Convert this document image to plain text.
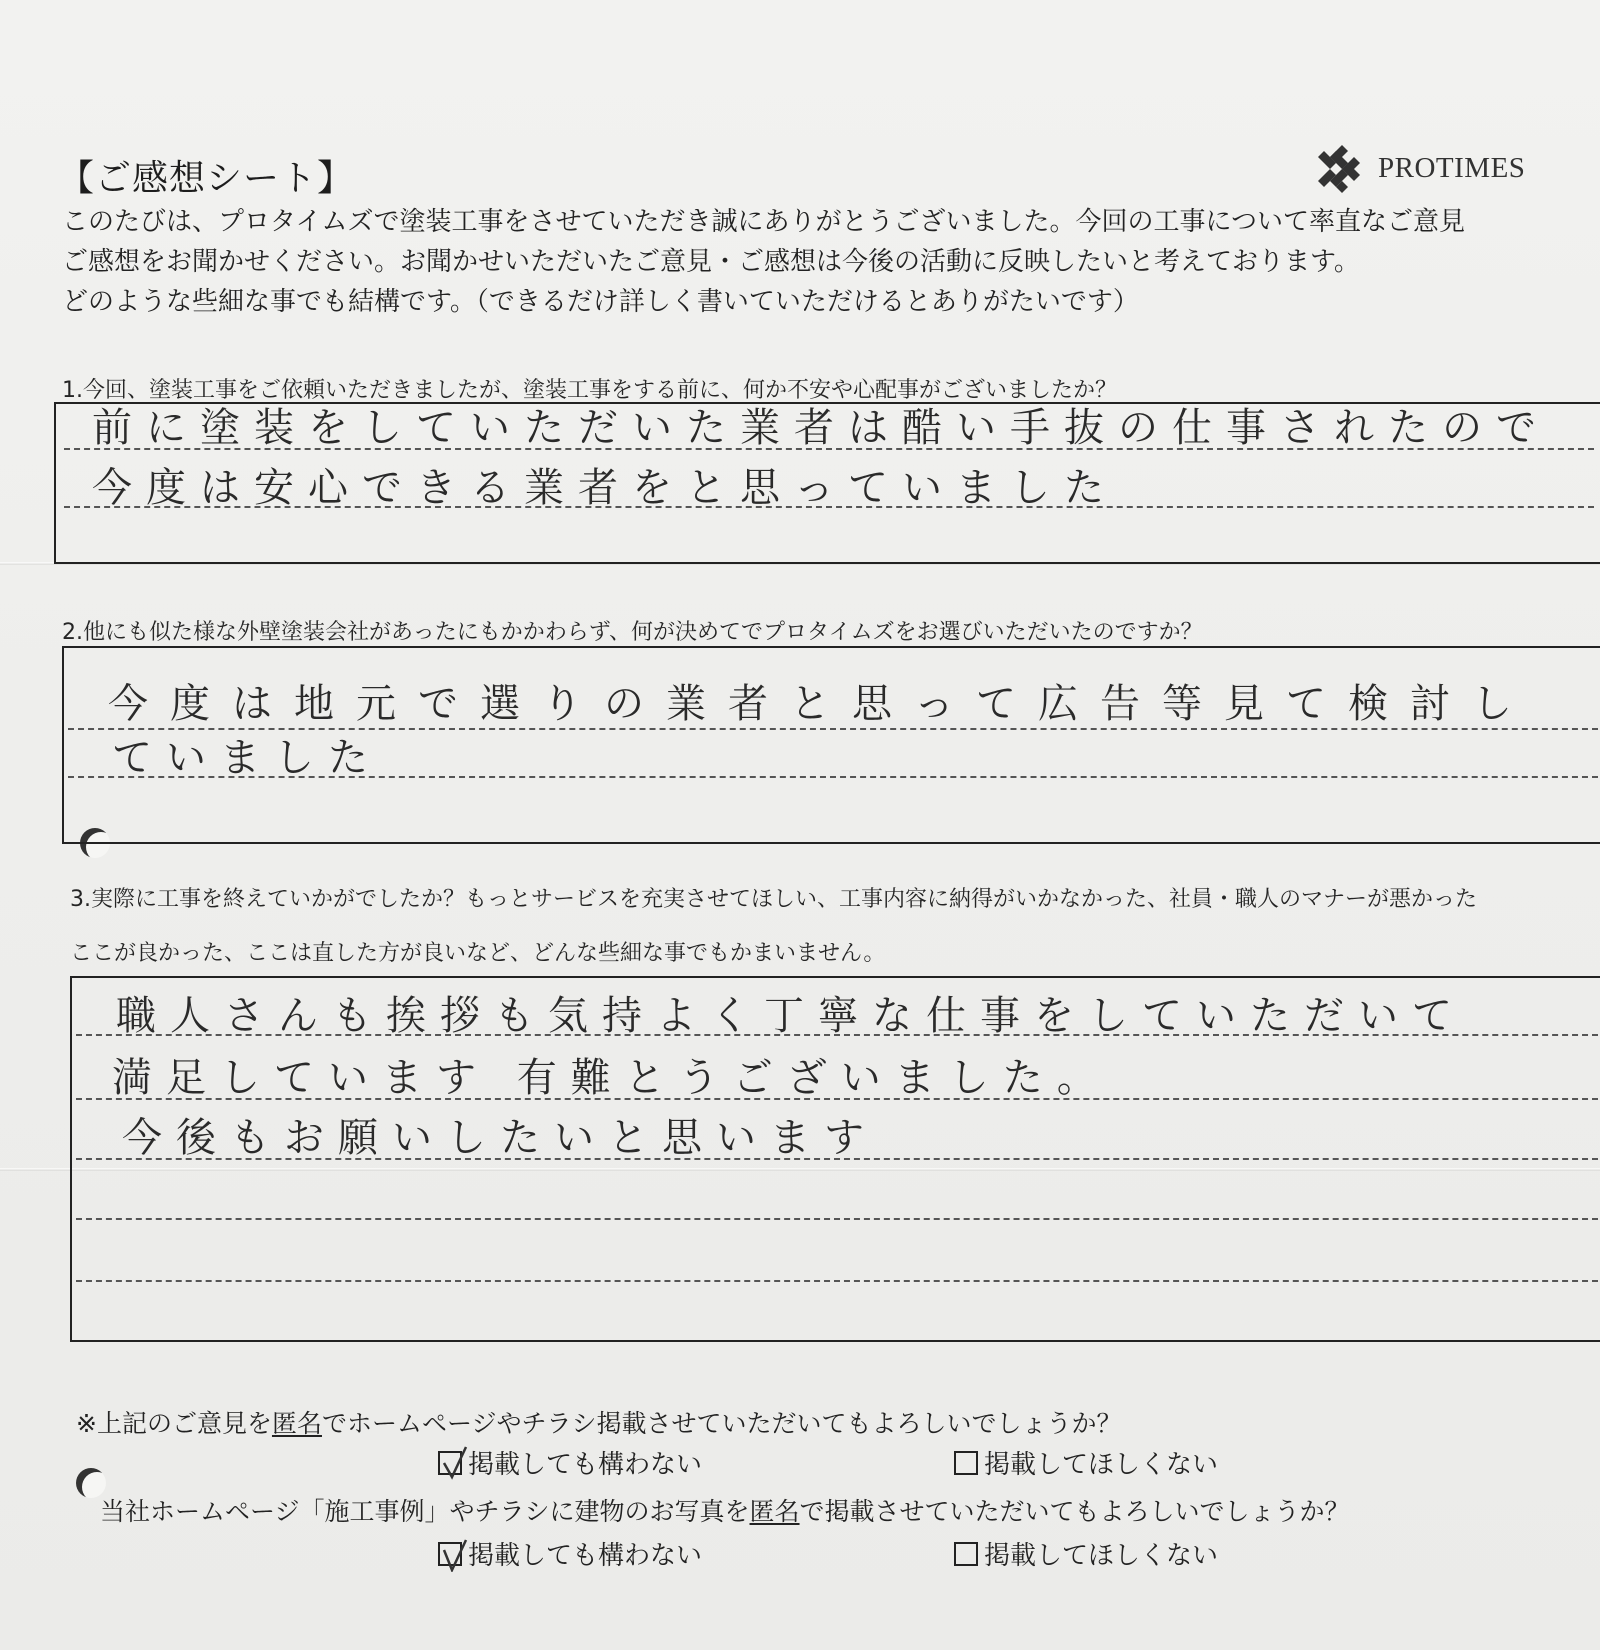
【ご感想シート】	PROTIMES
このたびは、プロタイムズで塗装工事をさせていただき誠にありがとうございました。今回の工事について率直なご意見
ご感想をお聞かせください。お聞かせいただいたご意見・ご感想は今後の活動に反映したいと考えております。
どのような些細な事でも結構です。（できるだけ詳しく書いていただけるとありがたいです）
1.今回、塗装工事をご依頼いただきましたが、塗装工事をする前に、何か不安や心配事がございましたか？
前に塗装をしていただいた業者は酷い手抜の仕事されたので
今度は安心できる業者をと思っていました
2.他にも似た様な外壁塗装会社があったにもかかわらず、何が決めてでプロタイムズをお選びいただいたのですか？
今度は地元で選りの業者と思って広告等見て検討し
ていました
3.実際に工事を終えていかがでしたか？もっとサービスを充実させてほしい、工事内容に納得がいかなかった、社員・職人のマナーが悪かった
ここが良かった、ここは直した方が良いなど、どんな些細な事でもかまいません。
職人さんも挨拶も気持よく丁寧な仕事をしていただいて
満足しています 有難とうございました。
今後もお願いしたいと思います
※上記のご意見を匿名でホームページやチラシ掲載させていただいてもよろしいでしょうか？
掲載しても構わない	掲載してほしくない
当社ホームページ「施工事例」やチラシに建物のお写真を匿名で掲載させていただいてもよろしいでしょうか？
掲載しても構わない	掲載してほしくない
